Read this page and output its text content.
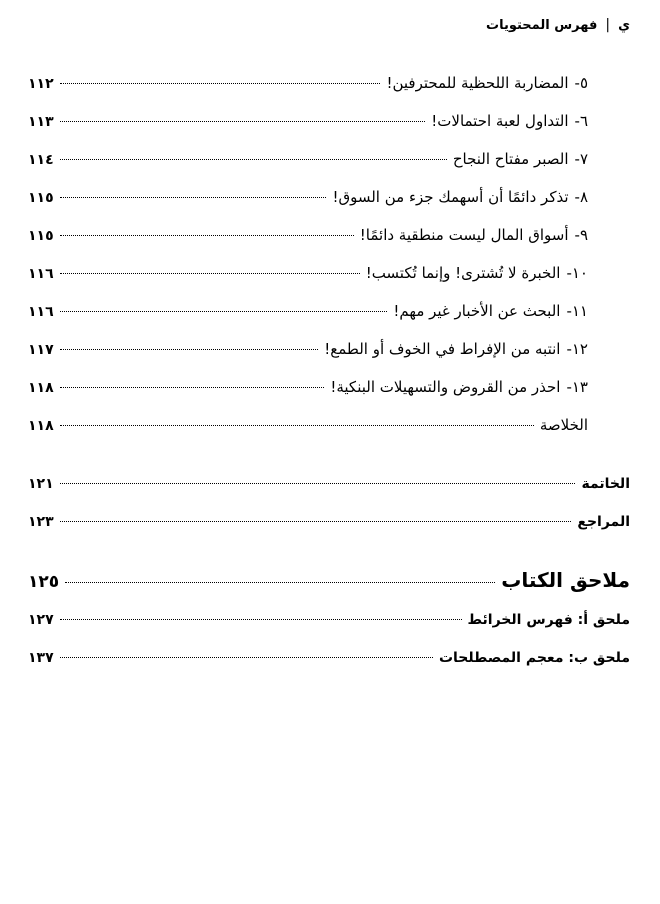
ي
|
فهرس المحتويات
٥-
المضاربة اللحظية للمحترفين!
١١٢
٦-
التداول لعبة احتمالات!
١١٣
٧-
الصبر مفتاح النجاح
١١٤
٨-
تذكر دائمًا أن أسهمك جزء من السوق!
١١٥
٩-
أسواق المال ليست منطقية دائمًا!
١١٥
١٠-
الخبرة لا تُشترى! وإنما تُكتسب!
١١٦
١١-
البحث عن الأخبار غير مهم!
١١٦
١٢-
انتبه من الإفراط في الخوف أو الطمع!
١١٧
١٣-
احذر من القروض والتسهيلات البنكية!
١١٨
الخلاصة
١١٨
الخاتمة
١٢١
المراجع
١٢٣
ملاحق الكتاب
١٢٥
ملحق أ: فهرس الخرائط
١٢٧
ملحق ب: معجم المصطلحات
١٣٧
